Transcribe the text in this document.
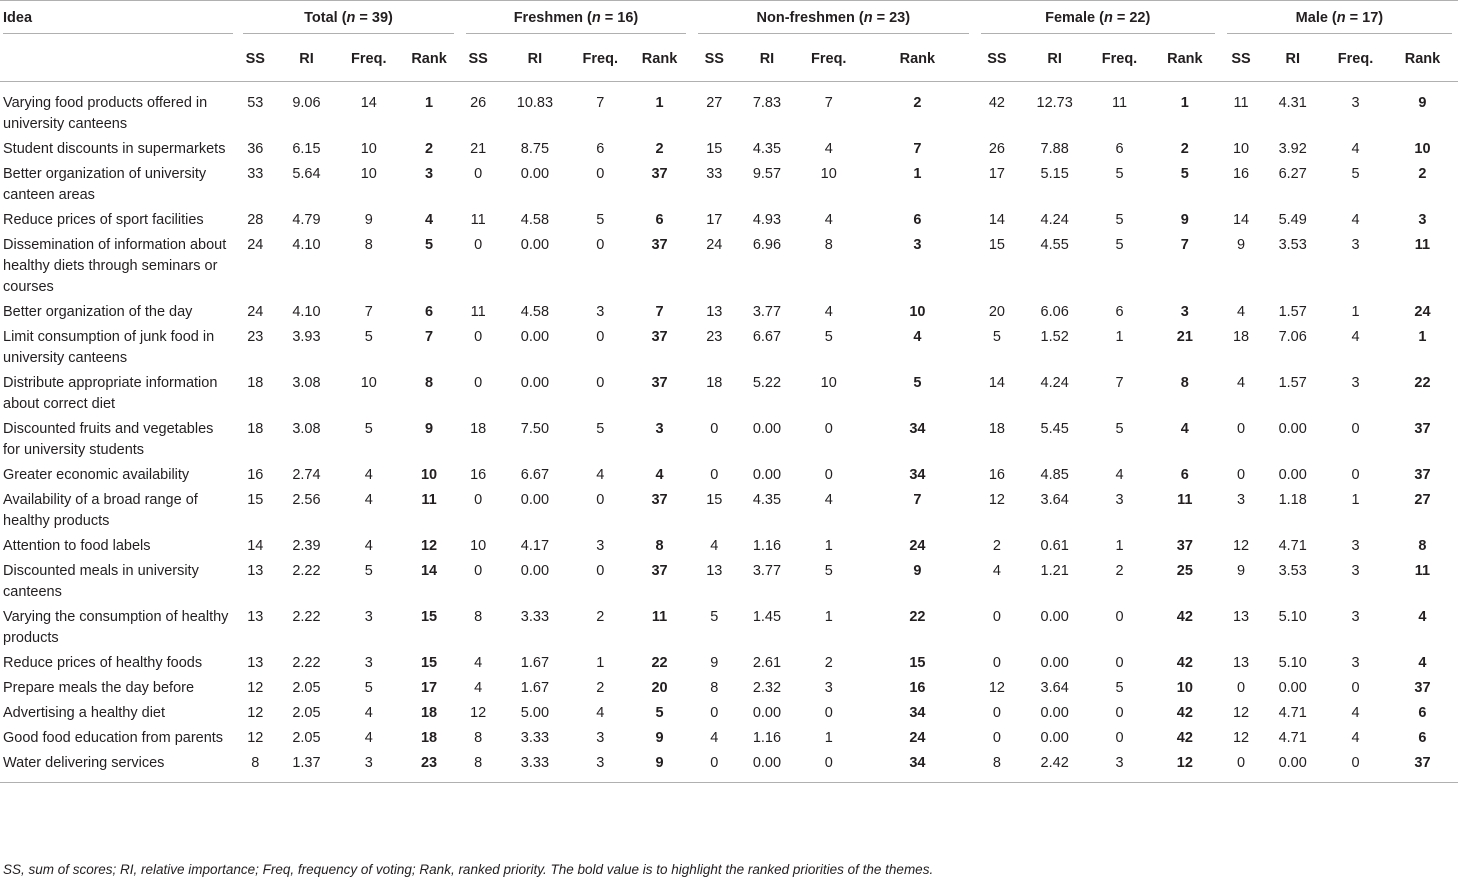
Idea	Total (n = 39)				Freshmen (n = 16)				Non-freshmen (n = 23)				Female (n = 22)				Male (n = 17)			

	SS	RI	Freq.	Rank	SS	RI	Freq.	Rank	SS	RI	Freq.	Rank	SS	RI	Freq.	Rank	SS	RI	Freq.	Rank
Varying food products offered in university canteens	53	9.06	14	1	26	10.83	7	1	27	7.83	7	2	42	12.73	11	1	11	4.31	3	9
Student discounts in supermarkets	36	6.15	10	2	21	8.75	6	2	15	4.35	4	7	26	7.88	6	2	10	3.92	4	10
Better organization of university canteen areas	33	5.64	10	3	0	0.00	0	37	33	9.57	10	1	17	5.15	5	5	16	6.27	5	2
Reduce prices of sport facilities	28	4.79	9	4	11	4.58	5	6	17	4.93	4	6	14	4.24	5	9	14	5.49	4	3
Dissemination of information about healthy diets through seminars or courses	24	4.10	8	5	0	0.00	0	37	24	6.96	8	3	15	4.55	5	7	9	3.53	3	11
Better organization of the day	24	4.10	7	6	11	4.58	3	7	13	3.77	4	10	20	6.06	6	3	4	1.57	1	24
Limit consumption of junk food in university canteens	23	3.93	5	7	0	0.00	0	37	23	6.67	5	4	5	1.52	1	21	18	7.06	4	1
Distribute appropriate information about correct diet	18	3.08	10	8	0	0.00	0	37	18	5.22	10	5	14	4.24	7	8	4	1.57	3	22
Discounted fruits and vegetables for university students	18	3.08	5	9	18	7.50	5	3	0	0.00	0	34	18	5.45	5	4	0	0.00	0	37
Greater economic availability	16	2.74	4	10	16	6.67	4	4	0	0.00	0	34	16	4.85	4	6	0	0.00	0	37
Availability of a broad range of healthy products	15	2.56	4	11	0	0.00	0	37	15	4.35	4	7	12	3.64	3	11	3	1.18	1	27
Attention to food labels	14	2.39	4	12	10	4.17	3	8	4	1.16	1	24	2	0.61	1	37	12	4.71	3	8
Discounted meals in university canteens	13	2.22	5	14	0	0.00	0	37	13	3.77	5	9	4	1.21	2	25	9	3.53	3	11
Varying the consumption of healthy products	13	2.22	3	15	8	3.33	2	11	5	1.45	1	22	0	0.00	0	42	13	5.10	3	4
Reduce prices of healthy foods	13	2.22	3	15	4	1.67	1	22	9	2.61	2	15	0	0.00	0	42	13	5.10	3	4
Prepare meals the day before	12	2.05	5	17	4	1.67	2	20	8	2.32	3	16	12	3.64	5	10	0	0.00	0	37
Advertising a healthy diet	12	2.05	4	18	12	5.00	4	5	0	0.00	0	34	0	0.00	0	42	12	4.71	4	6
Good food education from parents	12	2.05	4	18	8	3.33	3	9	4	1.16	1	24	0	0.00	0	42	12	4.71	4	6
Water delivering services	8	1.37	3	23	8	3.33	3	9	0	0.00	0	34	8	2.42	3	12	0	0.00	0	37
SS, sum of scores; RI, relative importance; Freq, frequency of voting; Rank, ranked priority. The bold value is to highlight the ranked priorities of the themes.
